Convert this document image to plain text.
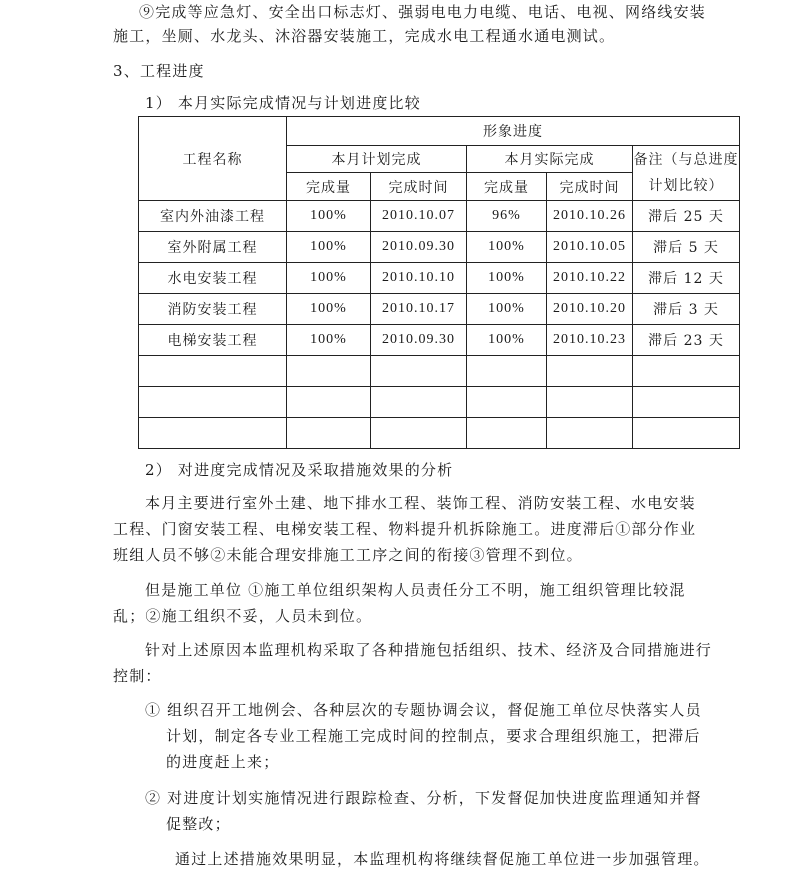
⑨完成等应急灯、安全出口标志灯、强弱电电力电缆、电话、电视、网络线安装
施工，坐厕、水龙头、沐浴器安装施工，完成水电工程通水通电测试。
3、工程进度
1） 本月实际完成情况与计划进度比较
工程名称	形象进度				
	本月计划完成		本月实际完成		备注（与总进度计划比较）
	完成量	完成时间	完成量	完成时间	
室内外油漆工程	100%	2010.10.07	96%	2010.10.26	滞后 25 天
室外附属工程	100%	2010.09.30	100%	2010.10.05	滞后 5 天
水电安装工程	100%	2010.10.10	100%	2010.10.22	滞后 12 天
消防安装工程	100%	2010.10.17	100%	2010.10.20	滞后 3 天
电梯安装工程	100%	2010.09.30	100%	2010.10.23	滞后 23 天

2） 对进度完成情况及采取措施效果的分析
本月主要进行室外土建、地下排水工程、装饰工程、消防安装工程、水电安装
工程、门窗安装工程、电梯安装工程、物料提升机拆除施工。进度滞后①部分作业
班组人员不够②未能合理安排施工工序之间的衔接③管理不到位。
但是施工单位 ①施工单位组织架构人员责任分工不明，施工组织管理比较混
乱；②施工组织不妥，人员未到位。
针对上述原因本监理机构采取了各种措施包括组织、技术、经济及合同措施进行
控制：
① 组织召开工地例会、各种层次的专题协调会议，督促施工单位尽快落实人员
计划，制定各专业工程施工完成时间的控制点，要求合理组织施工，把滞后
的进度赶上来；
② 对进度计划实施情况进行跟踪检查、分析，下发督促加快进度监理通知并督
促整改；
通过上述措施效果明显，本监理机构将继续督促施工单位进一步加强管理。
